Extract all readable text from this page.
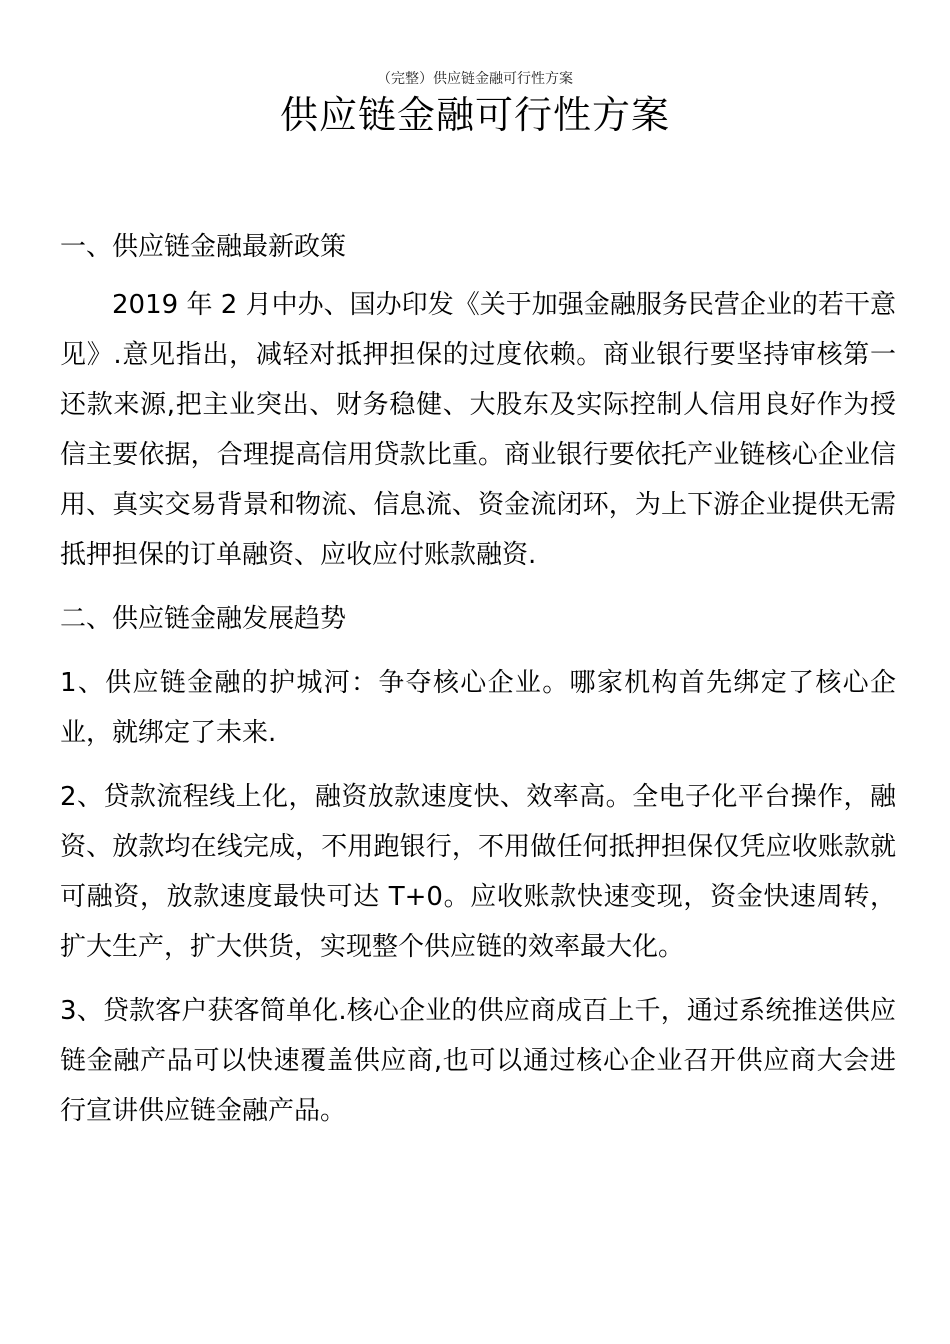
（完整）供应链金融可行性方案
供应链金融可行性方案
一、供应链金融最新政策

2019 年 2 月中办、国办印发《关于加强金融服务民营企业的若干意见》.意见指出，减轻对抵押担保的过度依赖。商业银行要坚持审核第一还款来源,把主业突出、财务稳健、大股东及实际控制人信用良好作为授信主要依据，合理提高信用贷款比重。商业银行要依托产业链核心企业信用、真实交易背景和物流、信息流、资金流闭环，为上下游企业提供无需抵押担保的订单融资、应收应付账款融资.

二、供应链金融发展趋势

1、供应链金融的护城河：争夺核心企业。哪家机构首先绑定了核心企业，就绑定了未来.

2、贷款流程线上化，融资放款速度快、效率高。全电子化平台操作，融资、放款均在线完成，不用跑银行，不用做任何抵押担保仅凭应收账款就可融资，放款速度最快可达 T+0。应收账款快速变现，资金快速周转，扩大生产，扩大供货，实现整个供应链的效率最大化。

3、贷款客户获客简单化.核心企业的供应商成百上千，通过系统推送供应链金融产品可以快速覆盖供应商,也可以通过核心企业召开供应商大会进行宣讲供应链金融产品。
